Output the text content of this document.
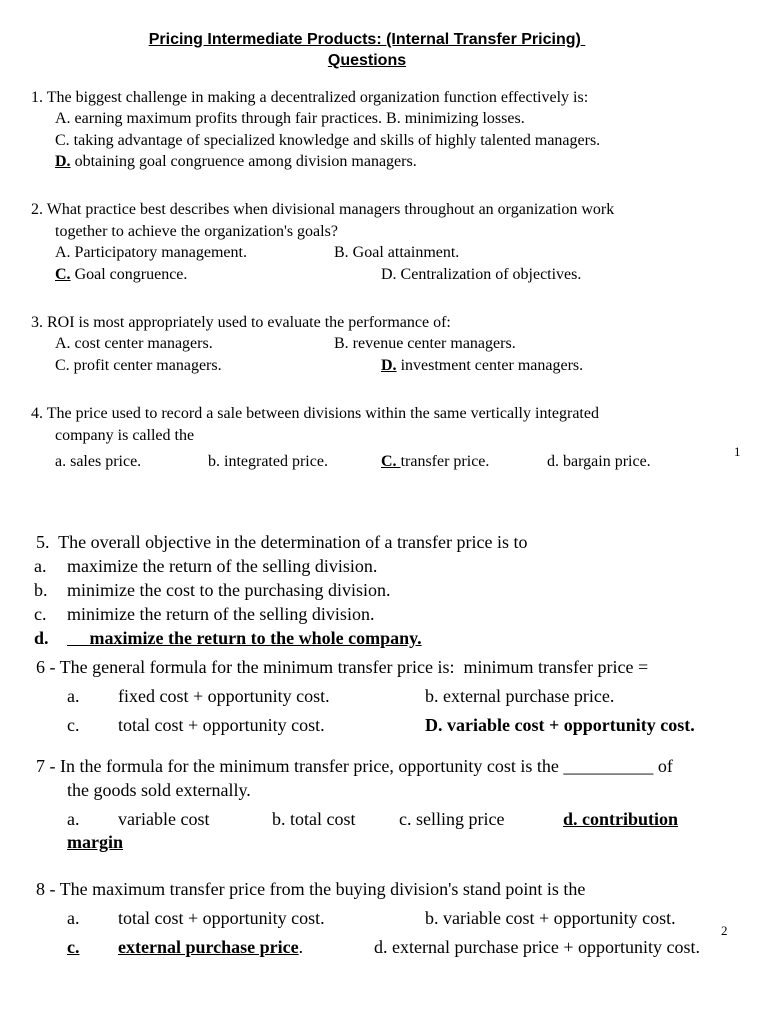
Pricing Intermediate Products: (Internal Transfer Pricing)
Questions
1. The biggest challenge in making a decentralized organization function effectively is:
A. earning maximum profits through fair practices. B. minimizing losses.
C. taking advantage of specialized knowledge and skills of highly talented managers.
D. obtaining goal congruence among division managers.
2. What practice best describes when divisional managers throughout an organization work
together to achieve the organization's goals?
A. Participatory management.	B. Goal attainment.
C. Goal congruence.	D. Centralization of objectives.
3. ROI is most appropriately used to evaluate the performance of:
A. cost center managers.	B. revenue center managers.
C. profit center managers.	D. investment center managers.
4. The price used to record a sale between divisions within the same vertically integrated
company is called the
a. sales price.	b. integrated price.	C. transfer price.	d. bargain price.
1
5.  The overall objective in the determination of a transfer price is to
a. maximize the return of the selling division.
b. minimize the cost to the purchasing division.
c. minimize the return of the selling division.
d. maximize the return to the whole company.
6 - The general formula for the minimum transfer price is:  minimum transfer price =
a. fixed cost + opportunity cost.	b. external purchase price.
c. total cost + opportunity cost.	D. variable cost + opportunity cost.
7 - In the formula for the minimum transfer price, opportunity cost is the __________ of
the goods sold externally.
a. variable cost	b. total cost c. selling price	d. contribution
margin
8 - The maximum transfer price from the buying division's stand point is the
a. total cost + opportunity cost.	b. variable cost + opportunity cost.
c. external purchase price.	d. external purchase price + opportunity cost.
2
